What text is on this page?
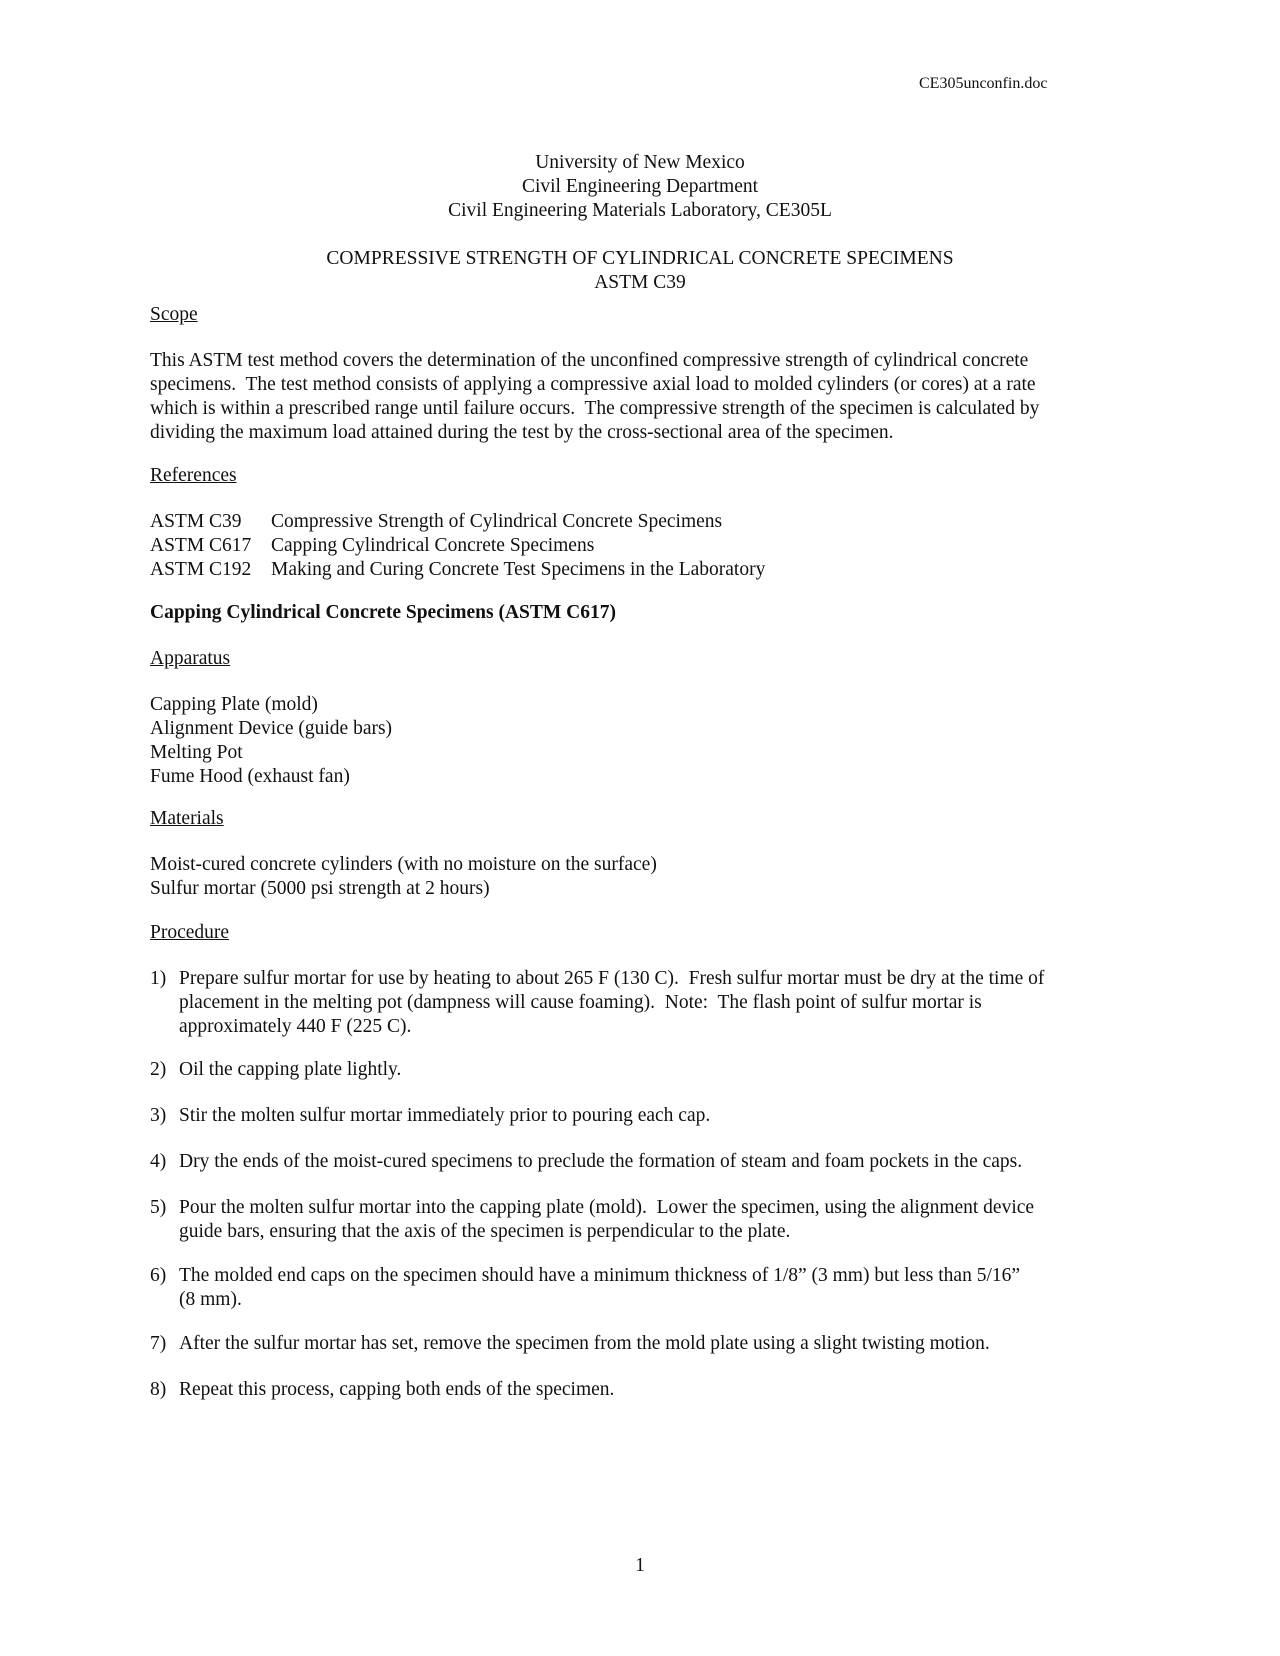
CE305unconfin.doc
University of New Mexico
Civil Engineering Department
Civil Engineering Materials Laboratory, CE305L
COMPRESSIVE STRENGTH OF CYLINDRICAL CONCRETE SPECIMENS
ASTM C39
Scope
This ASTM test method covers the determination of the unconfined compressive strength of cylindrical concrete
specimens.  The test method consists of applying a compressive axial load to molded cylinders (or cores) at a rate
which is within a prescribed range until failure occurs.  The compressive strength of the specimen is calculated by
dividing the maximum load attained during the test by the cross-sectional area of the specimen.
References
ASTM C39	Compressive Strength of Cylindrical Concrete Specimens
ASTM C617	Capping Cylindrical Concrete Specimens
ASTM C192	Making and Curing Concrete Test Specimens in the Laboratory
Capping Cylindrical Concrete Specimens (ASTM C617)
Apparatus
Capping Plate (mold)
Alignment Device (guide bars)
Melting Pot
Fume Hood (exhaust fan)
Materials
Moist-cured concrete cylinders (with no moisture on the surface)
Sulfur mortar (5000 psi strength at 2 hours)
Procedure
1) Prepare sulfur mortar for use by heating to about 265 F (130 C).  Fresh sulfur mortar must be dry at the time of
placement in the melting pot (dampness will cause foaming).  Note:  The flash point of sulfur mortar is
approximately 440 F (225 C).
2) Oil the capping plate lightly.
3) Stir the molten sulfur mortar immediately prior to pouring each cap.
4) Dry the ends of the moist-cured specimens to preclude the formation of steam and foam pockets in the caps.
5) Pour the molten sulfur mortar into the capping plate (mold).  Lower the specimen, using the alignment device
guide bars, ensuring that the axis of the specimen is perpendicular to the plate.
6) The molded end caps on the specimen should have a minimum thickness of 1/8” (3 mm) but less than 5/16”
(8 mm).
7) After the sulfur mortar has set, remove the specimen from the mold plate using a slight twisting motion.
8) Repeat this process, capping both ends of the specimen.
1
